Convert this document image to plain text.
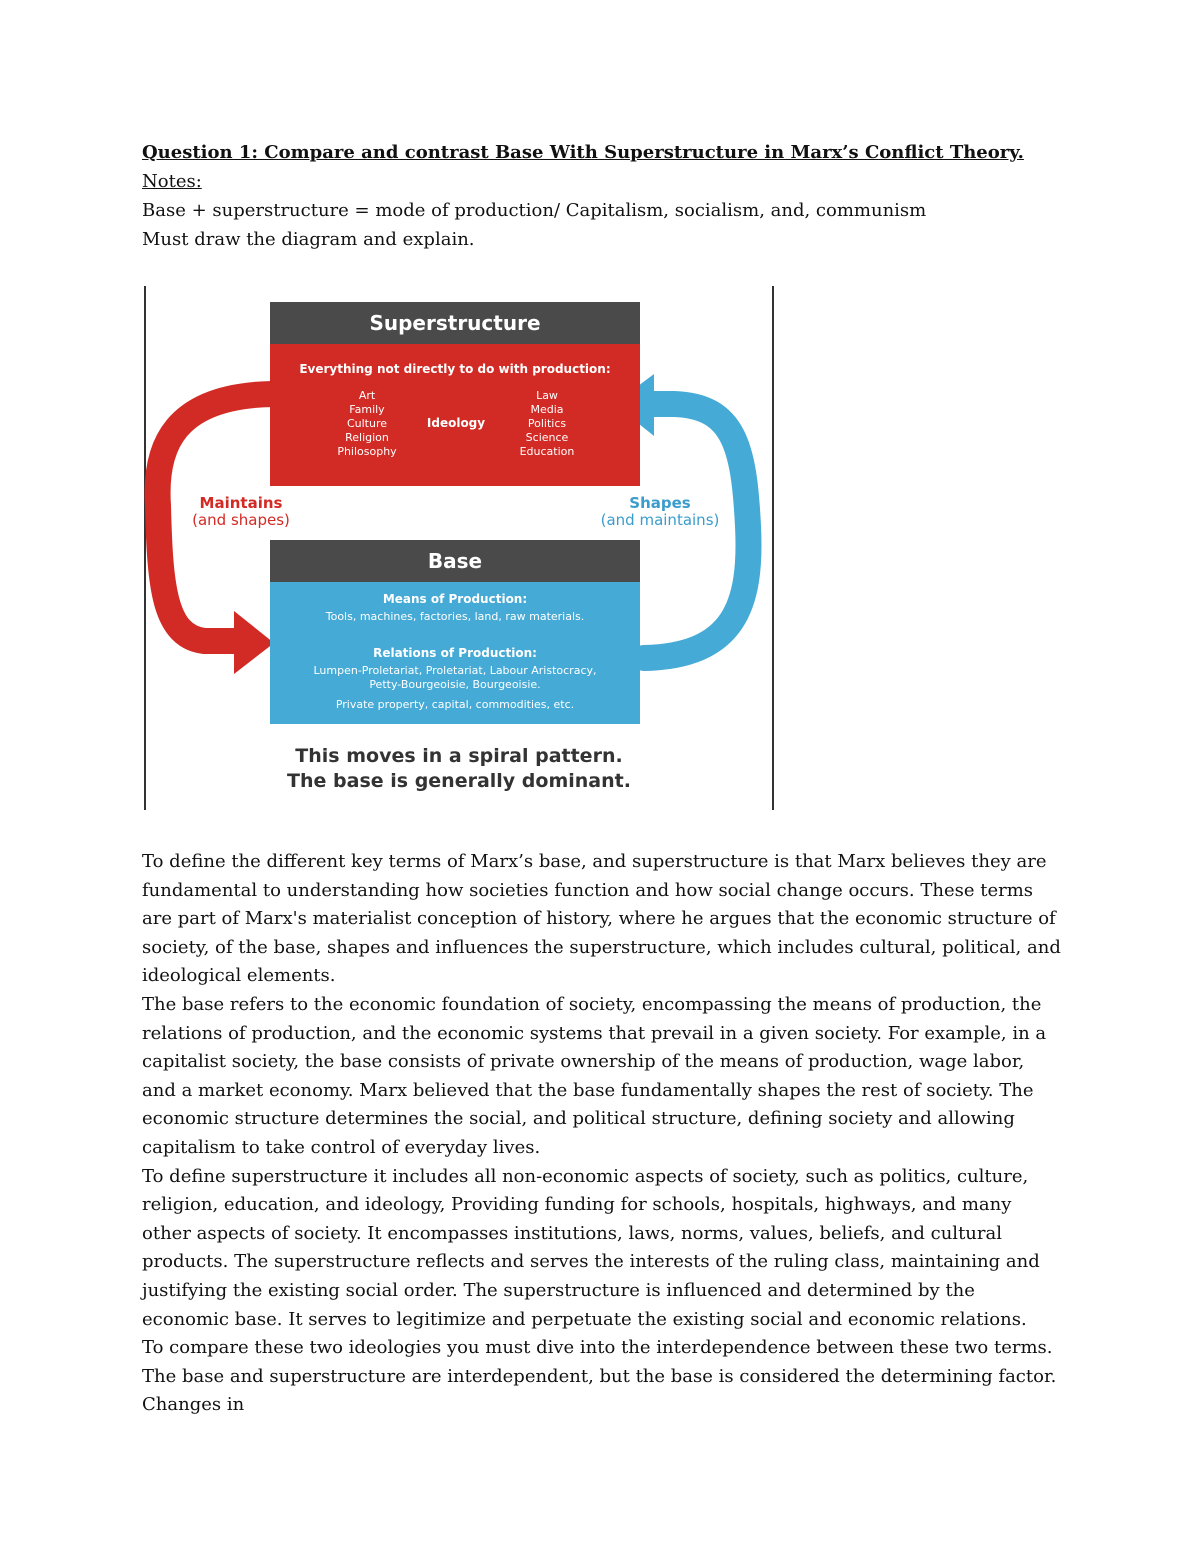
Question 1: Compare and contrast Base With Superstructure in Marx’s Conflict Theory.
Notes:
Base + superstructure = mode of production/ Capitalism, socialism, and, communism
Must draw the diagram and explain.
Superstructure
Everything not directly to do with production:
Art
Family
Culture
Religion
Philosophy
Ideology
Law
Media
Politics
Science
Education
Maintains
(and shapes)
Shapes
(and maintains)
Base
Means of Production:
Tools, machines, factories, land, raw materials.
Relations of Production:
Lumpen-Proletariat, Proletariat, Labour Aristocracy,
Petty-Bourgeoisie, Bourgeoisie.
Private property, capital, commodities, etc.
This moves in a spiral pattern.
The base is generally dominant.

To define the different key terms of Marx’s base, and superstructure is that Marx believes they are fundamental to understanding how societies function and how social change occurs. These terms are part of Marx's materialist conception of history, where he argues that the economic structure of society, of the base, shapes and influences the superstructure, which includes cultural, political, and ideological elements.

The base refers to the economic foundation of society, encompassing the means of production, the relations of production, and the economic systems that prevail in a given society. For example, in a capitalist society, the base consists of private ownership of the means of production, wage labor, and a market economy. Marx believed that the base fundamentally shapes the rest of society. The economic structure determines the social, and political structure, defining society and allowing capitalism to take control of everyday lives.

To define superstructure it includes all non-economic aspects of society, such as politics, culture, religion, education, and ideology, Providing funding for schools, hospitals, highways, and many other aspects of society. It encompasses institutions, laws, norms, values, beliefs, and cultural products. The superstructure reflects and serves the interests of the ruling class, maintaining and justifying the existing social order. The superstructure is influenced and determined by the economic base. It serves to legitimize and perpetuate the existing social and economic relations.

To compare these two ideologies you must dive into the interdependence between these two terms. The base and superstructure are interdependent, but the base is considered the determining factor. Changes in
